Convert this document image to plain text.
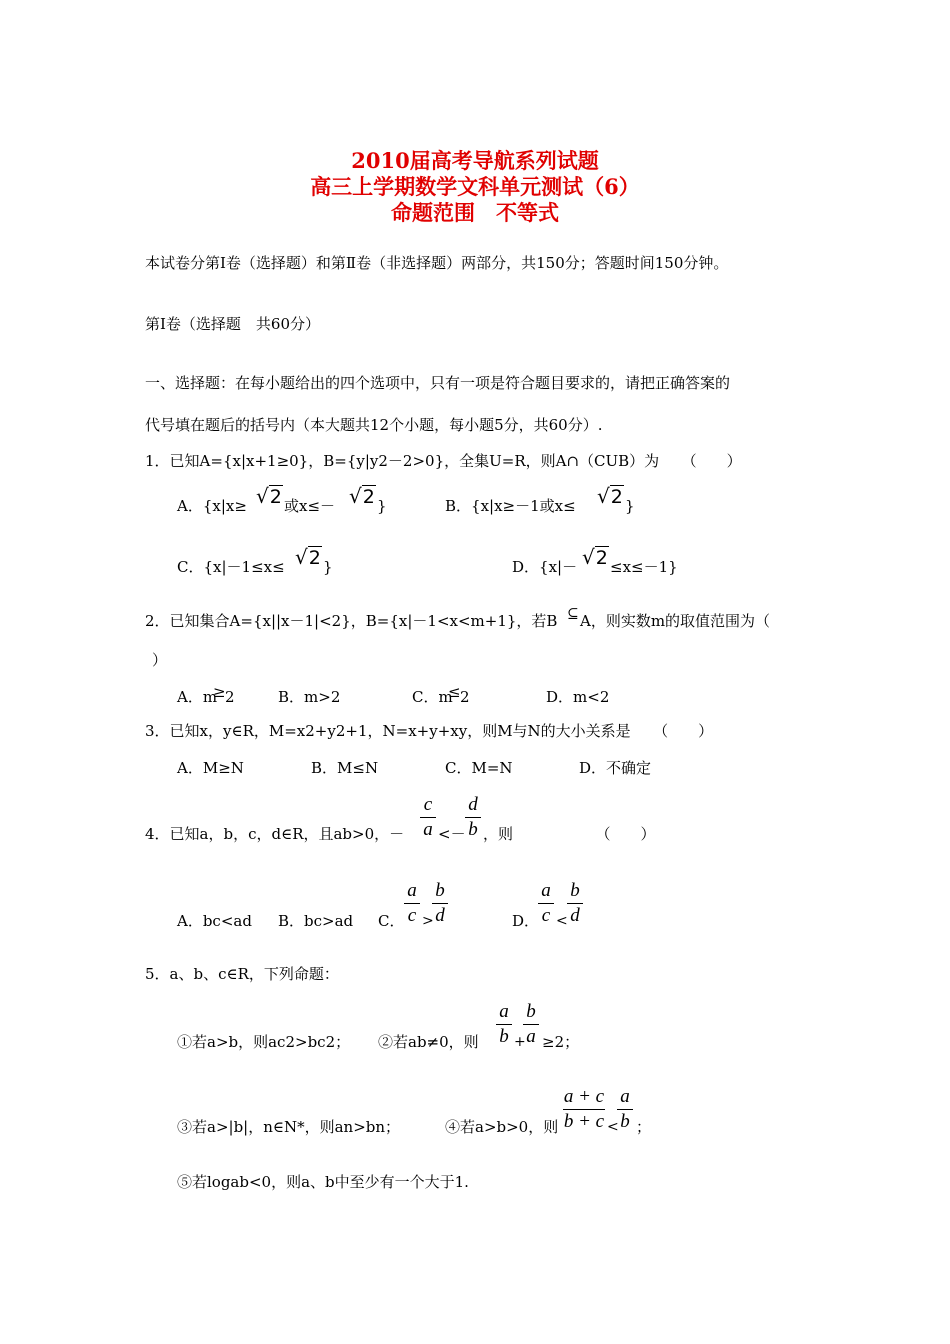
2010届高考导航系列试题
高三上学期数学文科单元测试（6）
命题范围　不等式
本试卷分第Ⅰ卷（选择题）和第Ⅱ卷（非选择题）两部分，共150分；答题时间150分钟。
第Ⅰ卷（选择题　共60分）
一、选择题：在每小题给出的四个选项中，只有一项是符合题目要求的，请把正确答案的
代号填在题后的括号内（本大题共12个小题，每小题5分，共60分）.
1．已知A={x|x+1≥0}，B={y|y2－2>0}，全集U=R，则A∩（CUB）为　　（　　）
A．{x|x≥ √2 或x≤－ √2 }	B．{x|x≥－1或x≤ √2 }
C．{x|－1≤x≤ √2 }	D．{x|－ √2 ≤x≤－1}
2．已知集合A={x||x－1|<2}，B={x|－1<x<m+1}，若B ⊆ A，则实数m的取值范围为（
）
A．m
≥ 2	B．m>2	C．m
≤ 2	D．m<2
3．已知x，y∈R，M=x2+y2+1，N=x+y+xy，则M与N的大小关系是　　（　　）
A．M≥N	B．M≤N	C．M=N	D．不确定
4．已知a，b，c，d∈R，且ab>0，－
c
a <－
d
b ，则　　　　　　（　　）
A．bc<ad B．bc>ad C．
a
c >
b
d	D．
a
c <
b
d
5．a、b、c∈R，下列命题：
①若a>b，则ac2>bc2； ②若ab≠0，则
a
b +
b
a ≥2；
③若a>|b|，n∈N*，则an>bn；	④若a>b>0，则
a + c
b + c <
a
b ；
⑤若logab<0，则a、b中至少有一个大于1.
